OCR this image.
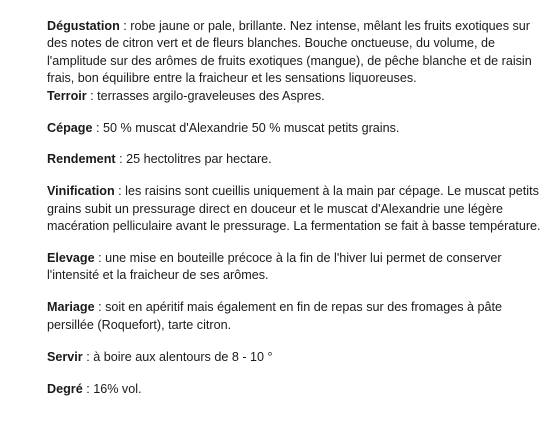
Dégustation : robe jaune or pale, brillante. Nez intense, mêlant les fruits exotiques sur des notes de citron vert et de fleurs blanches. Bouche onctueuse, du volume, de l'amplitude sur des arômes de fruits exotiques (mangue), de pêche blanche et de raisin frais, bon équilibre entre la fraicheur et les sensations liquoreuses.

Terroir : terrasses argilo-graveleuses des Aspres.

Cépage : 50 % muscat d'Alexandrie 50 % muscat petits grains.

Rendement : 25 hectolitres par hectare.

Vinification : les raisins sont cueillis uniquement à la main par cépage. Le muscat petits grains subit un pressurage direct en douceur et le muscat d'Alexandrie une légère macération pelliculaire avant le pressurage. La fermentation se fait à basse température.

Elevage : une mise en bouteille précoce à la fin de l'hiver lui permet de conserver l'intensité et la fraicheur de ses arômes.

Mariage : soit en apéritif mais également en fin de repas sur des fromages à pâte persillée (Roquefort), tarte citron.

Servir : à boire aux alentours de 8 - 10 °

Degré : 16% vol.
